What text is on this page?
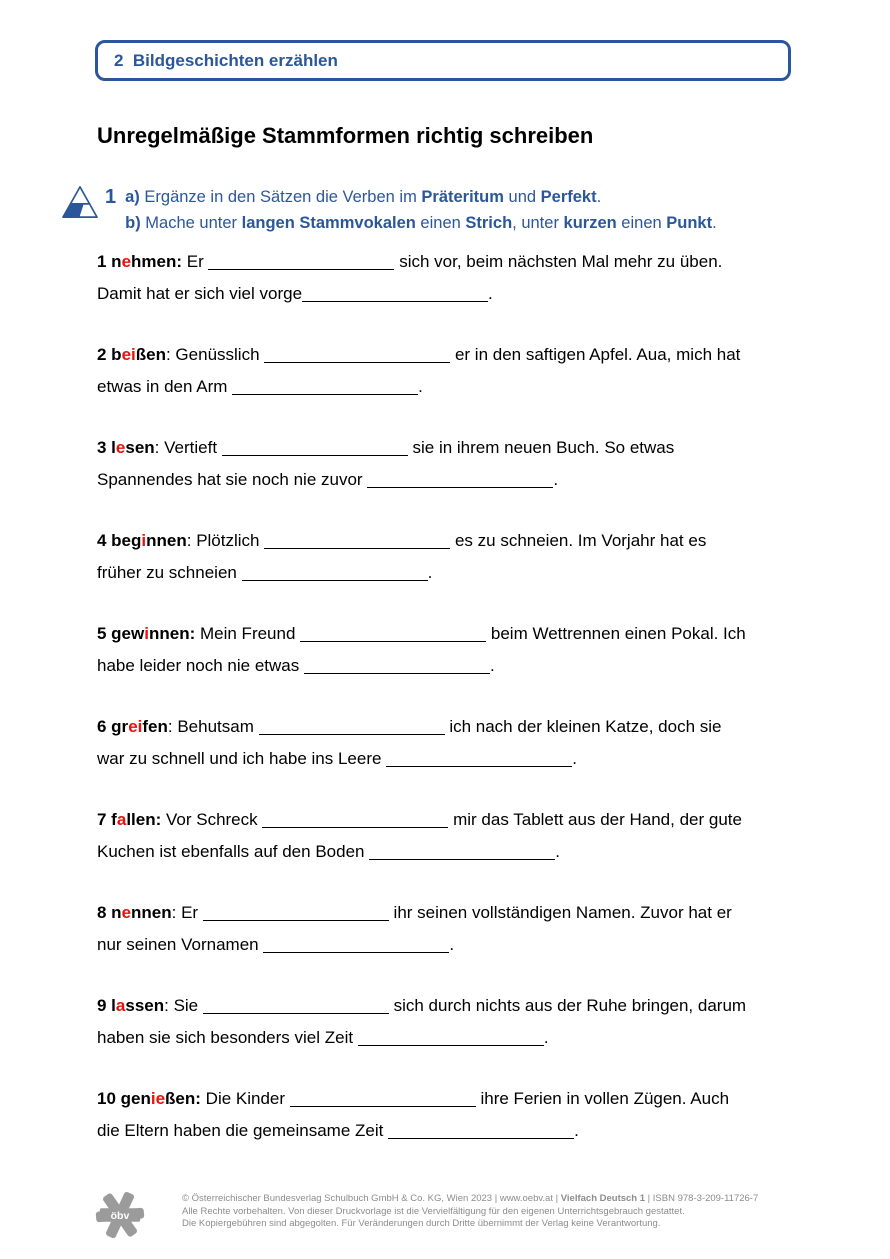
2  Bildgeschichten erzählen
Unregelmäßige Stammformen richtig schreiben
1 a) Ergänze in den Sätzen die Verben im Präteritum und Perfekt.
b) Mache unter langen Stammvokalen einen Strich, unter kurzen einen Punkt.
1 nehmen: Er	sich vor, beim nächsten Mal mehr zu üben.
Damit hat er sich viel vorge	.
2 beißen: Genüsslich	er in den saftigen Apfel. Aua, mich hat
etwas in den Arm	.
3 lesen: Vertieft	sie in ihrem neuen Buch. So etwas
Spannendes hat sie noch nie zuvor	.
4 beginnen: Plötzlich	es zu schneien. Im Vorjahr hat es
früher zu schneien	.
5 gewinnen: Mein Freund	beim Wettrennen einen Pokal. Ich
habe leider noch nie etwas	.
6 greifen: Behutsam	ich nach der kleinen Katze, doch sie
war zu schnell und ich habe ins Leere	.
7 fallen: Vor Schreck	mir das Tablett aus der Hand, der gute
Kuchen ist ebenfalls auf den Boden	.
8 nennen: Er	ihr seinen vollständigen Namen. Zuvor hat er
nur seinen Vornamen	.
9 lassen: Sie	sich durch nichts aus der Ruhe bringen, darum
haben sie sich besonders viel Zeit	.
10 genießen: Die Kinder	ihre Ferien in vollen Zügen. Auch
die Eltern haben die gemeinsame Zeit	.
öbv
© Österreichischer Bundesverlag Schulbuch GmbH & Co. KG, Wien 2023 | www.oebv.at | Vielfach Deutsch 1 | ISBN 978-3-209-11726-7
Alle Rechte vorbehalten. Von dieser Druckvorlage ist die Vervielfältigung für den eigenen Unterrichtsgebrauch gestattet.
Die Kopiergebühren sind abgegolten. Für Veränderungen durch Dritte übernimmt der Verlag keine Verantwortung.
